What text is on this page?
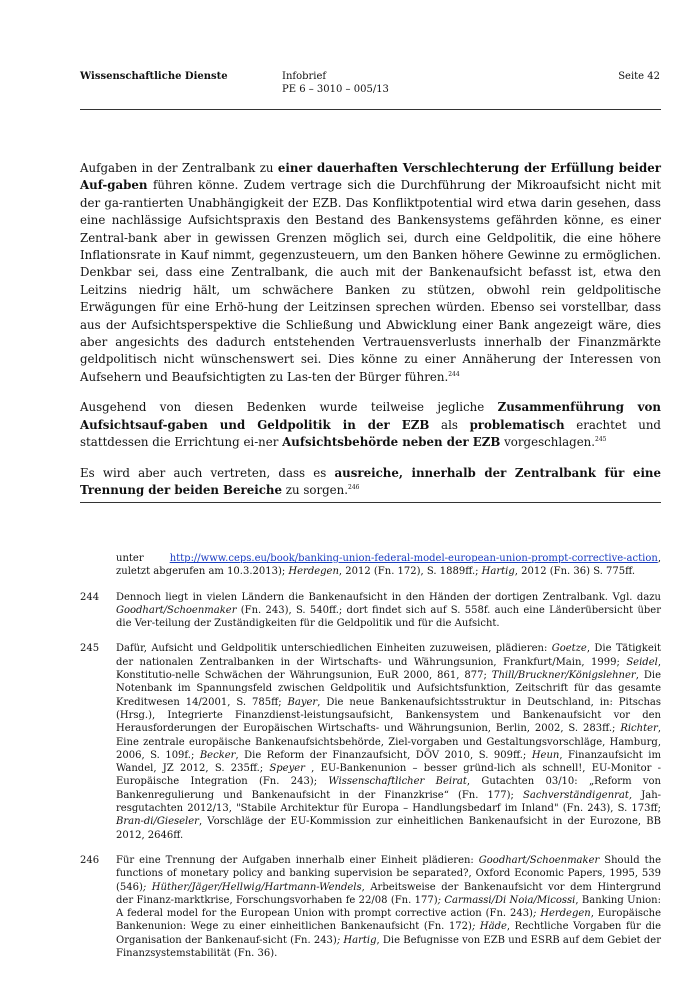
Wissenschaftliche Dienste	Infobrief
PE 6 – 3010 – 005/13
Seite 42

Aufgaben in der Zentralbank zu einer dauerhaften Verschlechterung der Erfüllung beider Auf-gaben führen könne. Zudem vertrage sich die Durchführung der Mikroaufsicht nicht mit der ga-rantierten Unabhängigkeit der EZB. Das Konfliktpotential wird etwa darin gesehen, dass eine nachlässige Aufsichtspraxis den Bestand des Bankensystems gefährden könne, es einer Zentral-bank aber in gewissen Grenzen möglich sei, durch eine Geldpolitik, die eine höhere Inflationsrate in Kauf nimmt, gegenzusteuern, um den Banken höhere Gewinne zu ermöglichen. Denkbar sei, dass eine Zentralbank, die auch mit der Bankenaufsicht befasst ist, etwa den Leitzins niedrig hält, um schwächere Banken zu stützen, obwohl rein geldpolitische Erwägungen für eine Erhö-hung der Leitzinsen sprechen würden. Ebenso sei vorstellbar, dass aus der Aufsichtsperspektive die Schließung und Abwicklung einer Bank angezeigt wäre, dies aber angesichts des dadurch entstehenden Vertrauensverlusts innerhalb der Finanzmärkte geldpolitisch nicht wünschenswert sei. Dies könne zu einer Annäherung der Interessen von Aufsehern und Beaufsichtigten zu Las-ten der Bürger führen.$^{244}$

Ausgehend von diesen Bedenken wurde teilweise jegliche Zusammenführung von Aufsichtsauf-gaben und Geldpolitik in der EZB als problematisch erachtet und stattdessen die Errichtung ei-ner Aufsichtsbehörde neben der EZB vorgeschlagen.$^{245}$

Es wird aber auch vertreten, dass es ausreiche, innerhalb der Zentralbank für eine Trennung der beiden Bereiche zu sorgen.$^{246}$

unter http://www.ceps.eu/book/banking-union-federal-model-european-union-prompt-corrective-action, zuletzt abgerufen am 10.3.2013); Herdegen, 2012 (Fn. 172), S. 1889ff.; Hartig, 2012 (Fn. 36) S. 775ff.
244 Dennoch liegt in vielen Ländern die Bankenaufsicht in den Händen der dortigen Zentralbank. Vgl. dazu Goodhart/Schoenmaker (Fn. 243), S. 540ff.; dort findet sich auf S. 558f. auch eine Länderübersicht über die Ver-teilung der Zuständigkeiten für die Geldpolitik und für die Aufsicht.
245 Dafür, Aufsicht und Geldpolitik unterschiedlichen Einheiten zuzuweisen, plädieren: Goetze, Die Tätigkeit der nationalen Zentralbanken in der Wirtschafts- und Währungsunion, Frankfurt/Main, 1999; Seidel, Konstitutio-nelle Schwächen der Währungsunion, EuR 2000, 861, 877; Thill/Bruckner/Königslehner, Die Notenbank im Spannungsfeld zwischen Geldpolitik und Aufsichtsfunktion, Zeitschrift für das gesamte Kreditwesen 14/2001, S. 785ff; Bayer, Die neue Bankenaufsichtsstruktur in Deutschland, in: Pitschas (Hrsg.), Integrierte Finanzdienst-leistungsaufsicht, Bankensystem und Bankenaufsicht vor den Herausforderungen der Europäischen Wirtschafts- und Währungsunion, Berlin, 2002, S. 283ff.; Richter, Eine zentrale europäische Bankenaufsichtsbehörde, Ziel-vorgaben und Gestaltungsvorschläge, Hamburg, 2006, S. 109f.; Becker, Die Reform der Finanzaufsicht, DÖV 2010, S. 909ff.; Heun, Finanzaufsicht im Wandel, JZ 2012, S. 235ff.; Speyer , EU-Bankenunion – besser gründ-lich als schnell!, EU-Monitor - Europäische Integration (Fn. 243); Wissenschaftlicher Beirat, Gutachten 03/10: „Reform von Bankenregulierung und Bankenaufsicht in der Finanzkrise“ (Fn. 177); Sachverständigenrat, Jah-resgutachten 2012/13, "Stabile Architektur für Europa – Handlungsbedarf im Inland" (Fn. 243), S. 173ff; Bran-di/Gieseler, Vorschläge der EU-Kommission zur einheitlichen Bankenaufsicht in der Eurozone, BB 2012, 2646ff.
246 Für eine Trennung der Aufgaben innerhalb einer Einheit plädieren: Goodhart/Schoenmaker Should the functions of monetary policy and banking supervision be separated?, Oxford Economic Papers, 1995, 539 (546); Hüther/Jäger/Hellwig/Hartmann-Wendels, Arbeitsweise der Bankenaufsicht vor dem Hintergrund der Finanz-marktkrise, Forschungsvorhaben fe 22/08 (Fn. 177); Carmassi/Di Noia/Micossi, Banking Union: A federal model for the European Union with prompt corrective action (Fn. 243); Herdegen, Europäische Bankenunion: Wege zu einer einheitlichen Bankenaufsicht (Fn. 172); Häde, Rechtliche Vorgaben für die Organisation der Bankenauf-sicht (Fn. 243); Hartig, Die Befugnisse von EZB und ESRB auf dem Gebiet der Finanzsystemstabilität (Fn. 36).
